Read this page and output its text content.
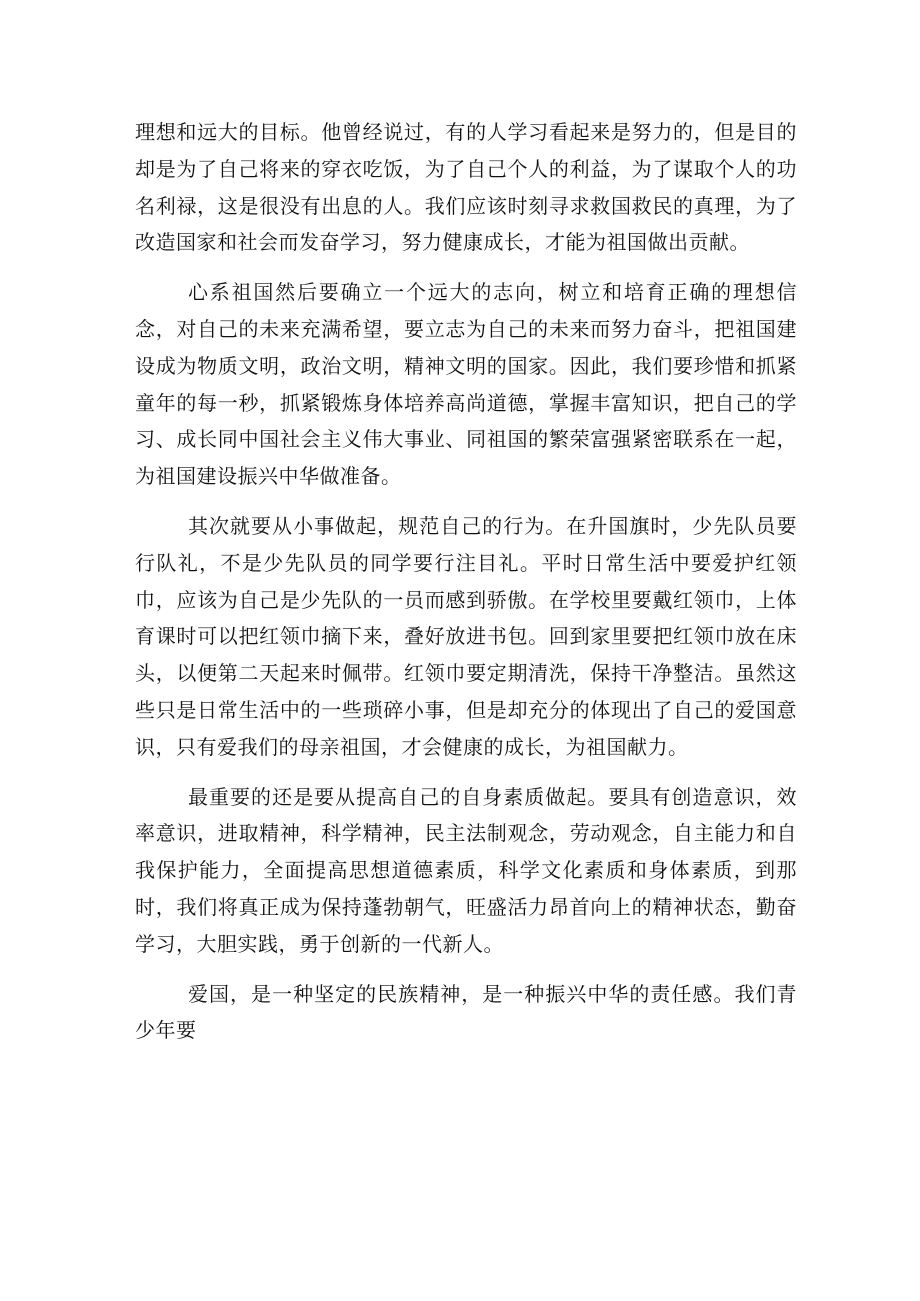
理想和远大的目标。他曾经说过，有的人学习看起来是努力的，但是目的却是为了自己将来的穿衣吃饭，为了自己个人的利益，为了谋取个人的功名利禄，这是很没有出息的人。我们应该时刻寻求救国救民的真理，为了改造国家和社会而发奋学习，努力健康成长，才能为祖国做出贡献。

心系祖国然后要确立一个远大的志向，树立和培育正确的理想信念，对自己的未来充满希望，要立志为自己的未来而努力奋斗，把祖国建设成为物质文明，政治文明，精神文明的国家。因此，我们要珍惜和抓紧童年的每一秒，抓紧锻炼身体培养高尚道德，掌握丰富知识，把自己的学习、成长同中国社会主义伟大事业、同祖国的繁荣富强紧密联系在一起，为祖国建设振兴中华做准备。

其次就要从小事做起，规范自己的行为。在升国旗时，少先队员要行队礼，不是少先队员的同学要行注目礼。平时日常生活中要爱护红领巾，应该为自己是少先队的一员而感到骄傲。在学校里要戴红领巾，上体育课时可以把红领巾摘下来，叠好放进书包。回到家里要把红领巾放在床头，以便第二天起来时佩带。红领巾要定期清洗，保持干净整洁。虽然这些只是日常生活中的一些琐碎小事，但是却充分的体现出了自己的爱国意识，只有爱我们的母亲祖国，才会健康的成长，为祖国献力。

最重要的还是要从提高自己的自身素质做起。要具有创造意识，效率意识，进取精神，科学精神，民主法制观念，劳动观念，自主能力和自我保护能力，全面提高思想道德素质，科学文化素质和身体素质，到那时，我们将真正成为保持蓬勃朝气，旺盛活力昂首向上的精神状态，勤奋学习，大胆实践，勇于创新的一代新人。

爱国，是一种坚定的民族精神，是一种振兴中华的责任感。我们青少年要
